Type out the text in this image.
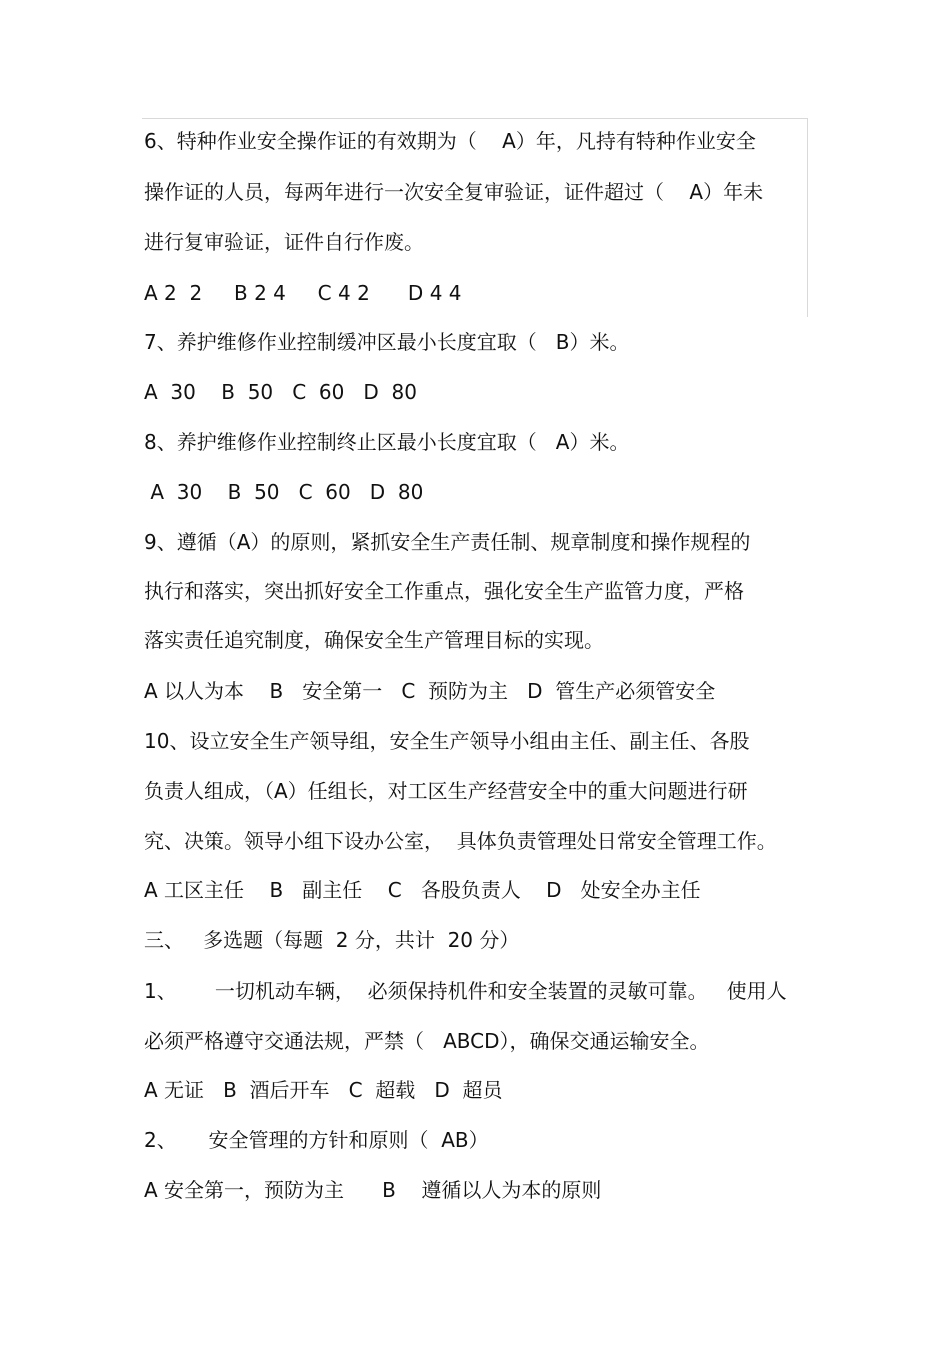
6、特种作业安全操作证的有效期为（    A）年，凡持有特种作业安全
操作证的人员，每两年进行一次安全复审验证，证件超过（    A）年未
进行复审验证，证件自行作废。
A 2  2     B 2 4     C 4 2      D 4 4
7、养护维修作业控制缓冲区最小长度宜取（   B）米。
A  30    B  50   C  60   D  80
8、养护维修作业控制终止区最小长度宜取（   A）米。
A  30    B  50   C  60   D  80
9、遵循（A）的原则，紧抓安全生产责任制、规章制度和操作规程的
执行和落实，突出抓好安全工作重点，强化安全生产监管力度，严格
落实责任追究制度，确保安全生产管理目标的实现。
A 以人为本    B   安全第一   C  预防为主   D  管生产必须管安全
10、设立安全生产领导组，安全生产领导小组由主任、副主任、各股
负责人组成，（A）任组长，对工区生产经营安全中的重大问题进行研
究、决策。领导小组下设办公室，  具体负责管理处日常安全管理工作。
A 工区主任    B   副主任    C   各股负责人    D   处安全办主任
三、   多选题（每题  2 分，共计  20 分）
1、      一切机动车辆，  必须保持机件和安全装置的灵敏可靠。   使用人
必须严格遵守交通法规，严禁（   ABCD），确保交通运输安全。
A 无证   B  酒后开车   C  超载   D  超员
2、     安全管理的方针和原则（  AB）
A 安全第一，预防为主      B    遵循以人为本的原则
